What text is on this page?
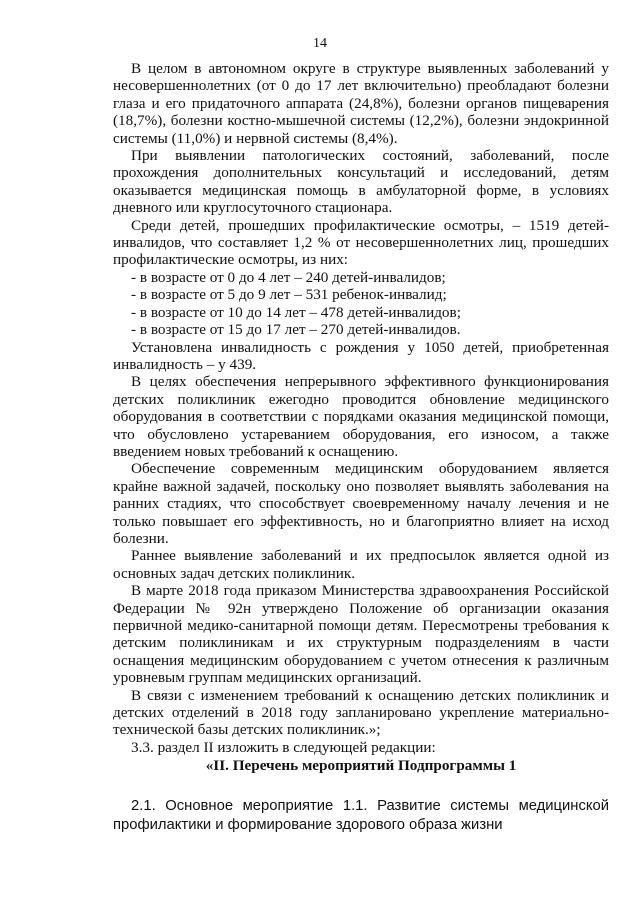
14

В целом в автономном округе в структуре выявленных заболеваний у несовершеннолетних (от 0 до 17 лет включительно) преобладают болезни глаза и его придаточного аппарата (24,8%), болезни органов пищеварения (18,7%), болезни костно-мышечной системы (12,2%), болезни эндокринной системы (11,0%) и нервной системы (8,4%).

При выявлении патологических состояний, заболеваний, после прохождения дополнительных консультаций и исследований, детям оказывается медицинская помощь в амбулаторной форме, в условиях дневного или круглосуточного стационара.

Среди детей, прошедших профилактические осмотры, – 1519 детей-инвалидов, что составляет 1,2 % от несовершеннолетних лиц, прошедших профилактические осмотры, из них:

- в возрасте от 0 до 4 лет – 240 детей-инвалидов;

- в возрасте от 5 до 9 лет – 531 ребенок-инвалид;

- в возрасте от 10 до 14 лет – 478 детей-инвалидов;

- в возрасте от 15 до 17 лет – 270 детей-инвалидов.

Установлена инвалидность с рождения у 1050 детей, приобретенная инвалидность – у 439.

В целях обеспечения непрерывного эффективного функционирования детских поликлиник ежегодно проводится обновление медицинского оборудования в соответствии с порядками оказания медицинской помощи, что обусловлено устареванием оборудования, его износом, а также введением новых требований к оснащению.

Обеспечение современным медицинским оборудованием является крайне важной задачей, поскольку оно позволяет выявлять заболевания на ранних стадиях, что способствует своевременному началу лечения и не только повышает его эффективность, но и благоприятно влияет на исход болезни.

Раннее выявление заболеваний и их предпосылок является одной из основных задач детских поликлиник.

В марте 2018 года приказом Министерства здравоохранения Российской Федерации № 92н утверждено Положение об организации оказания первичной медико-санитарной помощи детям. Пересмотрены требования к детским поликлиникам и их структурным подразделениям в части оснащения медицинским оборудованием с учетом отнесения к различным уровневым группам медицинских организаций.

В связи с изменением требований к оснащению детских поликлиник и детских отделений в 2018 году запланировано укрепление материально-технической базы детских поликлиник.»;

3.3. раздел II изложить в следующей редакции:

«II. Перечень мероприятий Подпрограммы 1

2.1. Основное мероприятие 1.1. Развитие системы медицинской профилактики и формирование здорового образа жизни
